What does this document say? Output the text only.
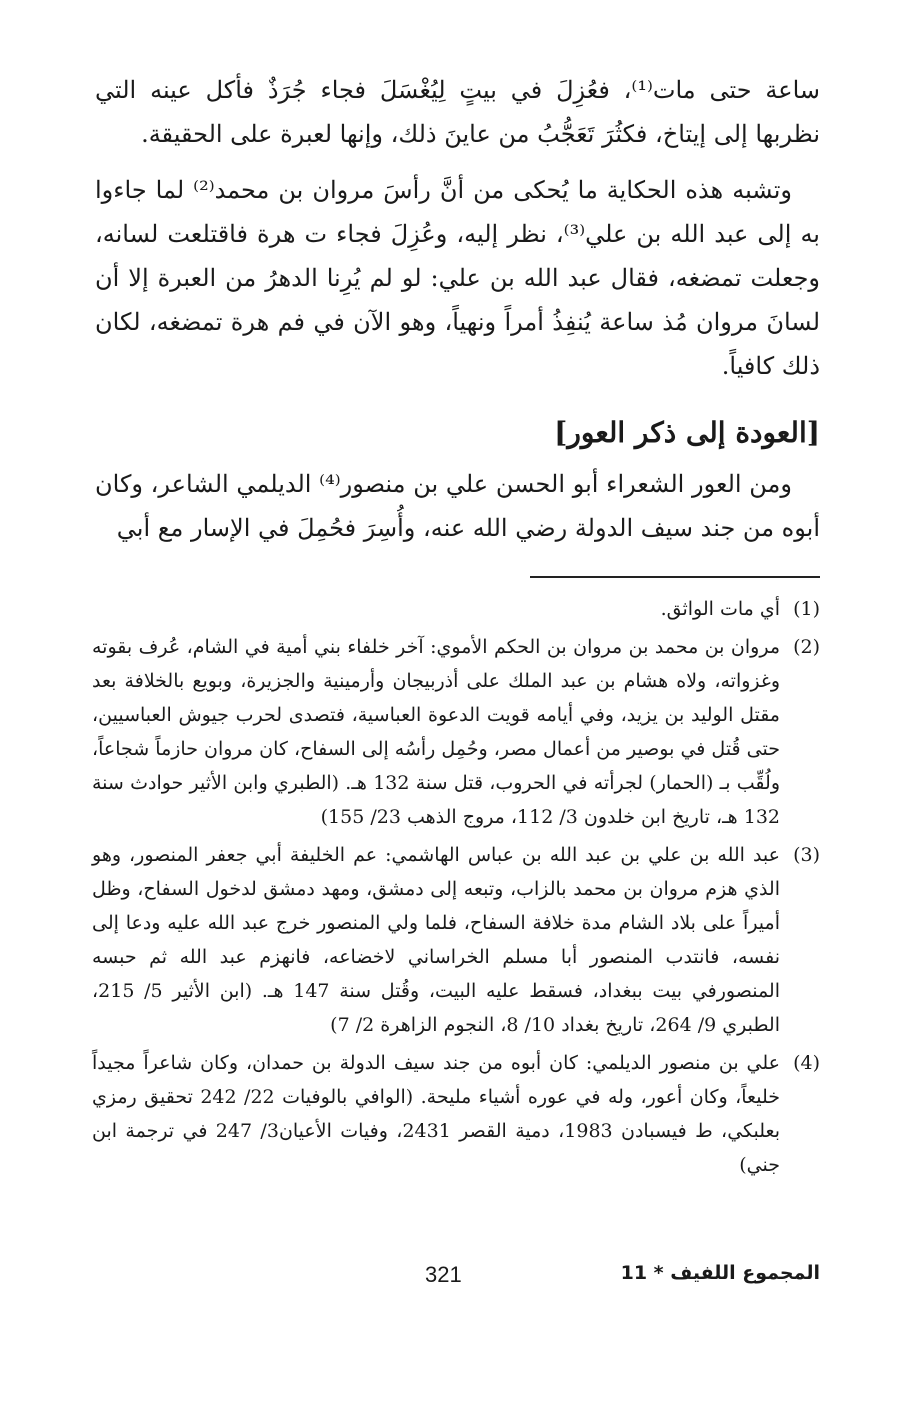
ساعة حتى مات⁽¹⁾، فعُزِلَ في بيتٍ لِيُغْسَلَ فجاء جُرَذٌ فأكل عينه التي نظربها إلى إيتاخ، فكثُرَ تَعَجُّبُ من عاينَ ذلك، وإنها لعبرة على الحقيقة.

وتشبه هذه الحكاية ما يُحكى من أنَّ رأسَ مروان بن محمد⁽²⁾ لما جاءوا به إلى عبد الله بن علي⁽³⁾، نظر إليه، وعُزِلَ فجاء ت هرة فاقتلعت لسانه، وجعلت تمضغه، فقال عبد الله بن علي: لو لم يُرِنا الدهرُ من العبرة إلا أن لسانَ مروان مُذ ساعة يُنفِذُ أمراً ونهياً، وهو الآن في فم هرة تمضغه، لكان ذلك كافياً.

[العودة إلى ذكر العور]

ومن العور الشعراء أبو الحسن علي بن منصور⁽⁴⁾ الديلمي الشاعر، وكان أبوه من جند سيف الدولة رضي الله عنه، وأُسِرَ فحُمِلَ في الإسار مع أبي

(1)
أي مات الواثق.
(2)
مروان بن محمد بن مروان بن الحكم الأموي: آخر خلفاء بني أمية في الشام، عُرف بقوته وغزواته، ولاه هشام بن عبد الملك على أذربيجان وأرمينية والجزيرة، وبويع بالخلافة بعد مقتل الوليد بن يزيد، وفي أيامه قويت الدعوة العباسية، فتصدى لحرب جيوش العباسيين، حتى قُتل في بوصير من أعمال مصر، وحُمِل رأسُه إلى السفاح، كان مروان حازماً شجاعاً، ولُقِّب بـ (الحمار) لجرأته في الحروب، قتل سنة 132 هـ. (الطبري وابن الأثير حوادث سنة 132 هـ، تاريخ ابن خلدون 3/ 112، مروج الذهب 23/ 155)
(3)
عبد الله بن علي بن عبد الله بن عباس الهاشمي: عم الخليفة أبي جعفر المنصور، وهو الذي هزم مروان بن محمد بالزاب، وتبعه إلى دمشق، ومهد دمشق لدخول السفاح، وظل أميراً على بلاد الشام مدة خلافة السفاح، فلما ولي المنصور خرج عبد الله عليه ودعا إلى نفسه، فانتدب المنصور أبا مسلم الخراساني لاخضاعه، فانهزم عبد الله ثم حبسه المنصورفي بيت ببغداد، فسقط عليه البيت، وقُتل سنة 147 هـ. (ابن الأثير 5/ 215، الطبري 9/ 264، تاريخ بغداد 10/ 8، النجوم الزاهرة 2/ 7)
(4)
علي بن منصور الديلمي: كان أبوه من جند سيف الدولة بن حمدان، وكان شاعراً مجيداً خليعاً، وكان أعور، وله في عوره أشياء مليحة. (الوافي بالوفيات 22/ 242 تحقيق رمزي بعلبكي، ط فيسبادن 1983، دمية القصر 2431، وفيات الأعيان3/ 247 في ترجمة ابن جني)
المجموع اللفيف * 11
321
